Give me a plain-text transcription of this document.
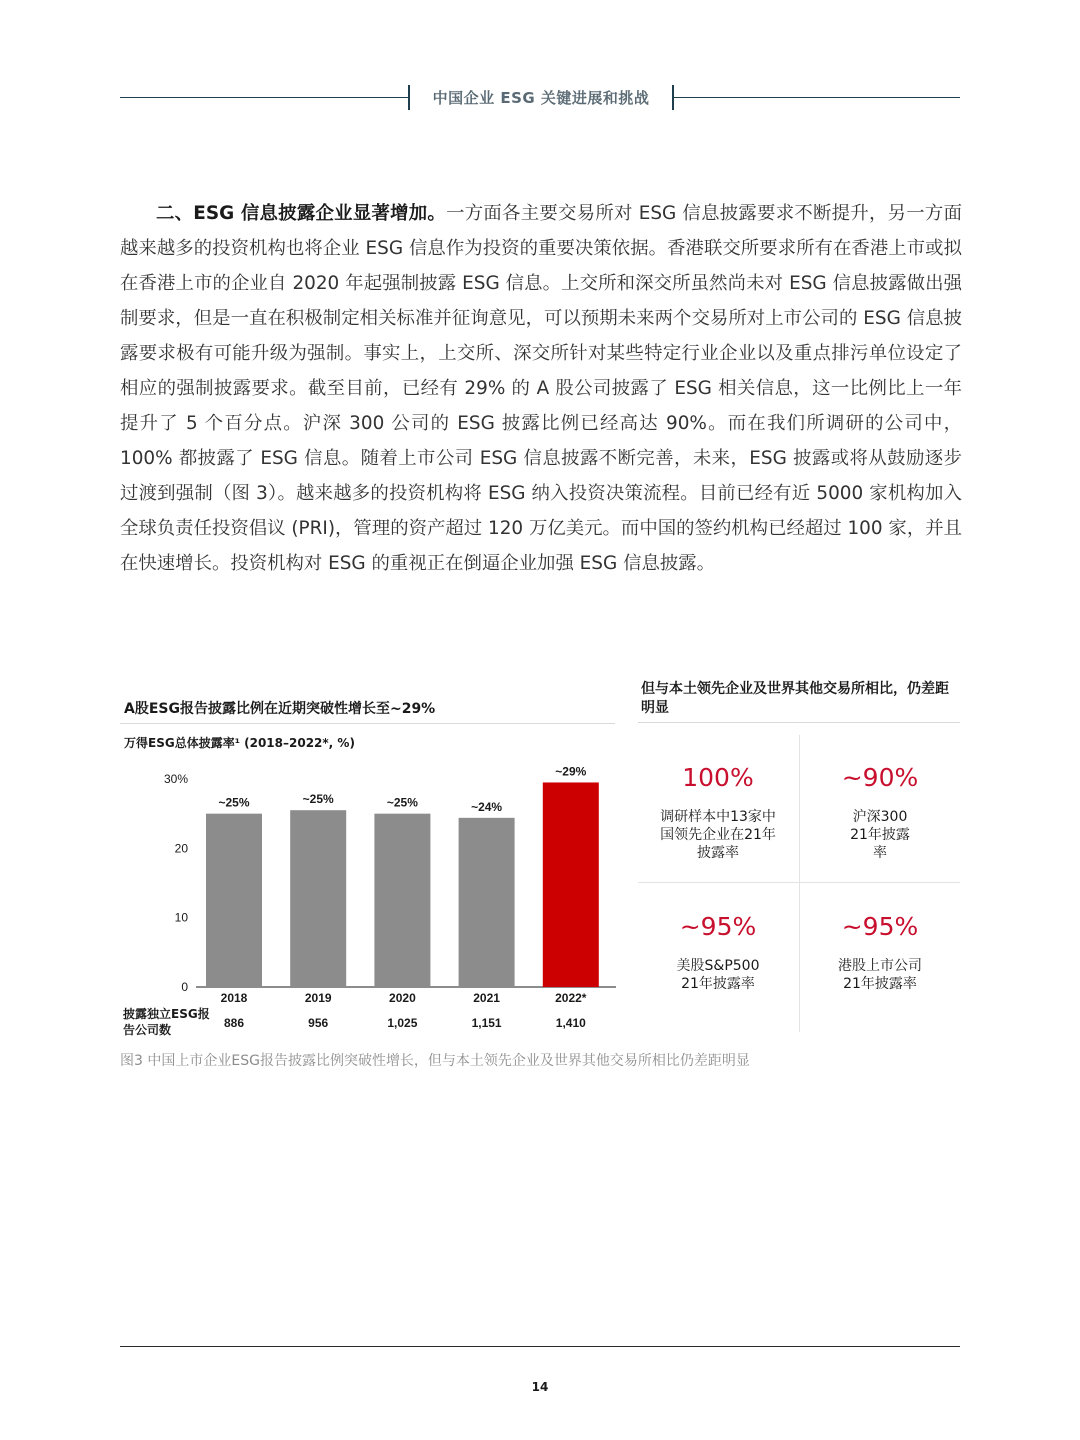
中国企业 ESG 关键进展和挑战

二、ESG 信息披露企业显著增加。一方面各主要交易所对 ESG 信息披露要求不断提升，另一方面越来越多的投资机构也将企业 ESG 信息作为投资的重要决策依据。香港联交所要求所有在香港上市或拟在香港上市的企业自 2020 年起强制披露 ESG 信息。上交所和深交所虽然尚未对 ESG 信息披露做出强制要求，但是一直在积极制定相关标准并征询意见，可以预期未来两个交易所对上市公司的 ESG 信息披露要求极有可能升级为强制。事实上，上交所、深交所针对某些特定行业企业以及重点排污单位设定了相应的强制披露要求。截至目前，已经有 29% 的 A 股公司披露了 ESG 相关信息，这一比例比上一年提升了 5 个百分点。沪深 300 公司的 ESG 披露比例已经高达 90%。而在我们所调研的公司中，100% 都披露了 ESG 信息。随着上市公司 ESG 信息披露不断完善，未来，ESG 披露或将从鼓励逐步过渡到强制（图 3）。越来越多的投资机构将 ESG 纳入投资决策流程。目前已经有近 5000 家机构加入全球负责任投资倡议 (PRI)，管理的资产超过 120 万亿美元。而中国的签约机构已经超过 100 家，并且在快速增长。投资机构对 ESG 的重视正在倒逼企业加强 ESG 信息披露。

A股ESG报告披露比例在近期突破性增长至~29%
万得ESG总体披露率¹ (2018–2022*, %)
0
10
20
30%
~25%
2018
886
~25%
2019
956
~25%
2020
1,025
~24%
2021
1,151
~29%
2022*
1,410
披露独立ESG报告公司数
图3 中国上市企业ESG报告披露比例突破性增长，但与本土领先企业及世界其他交易所相比仍差距明显
但与本土领先企业及世界其他交易所相比，仍差距明显
100%
调研样本中13家中国领先企业在21年披露率
~90%
沪深300 21年披露率
~95%
美股S&P500 21年披露率
~95%
港股上市公司 21年披露率
14
